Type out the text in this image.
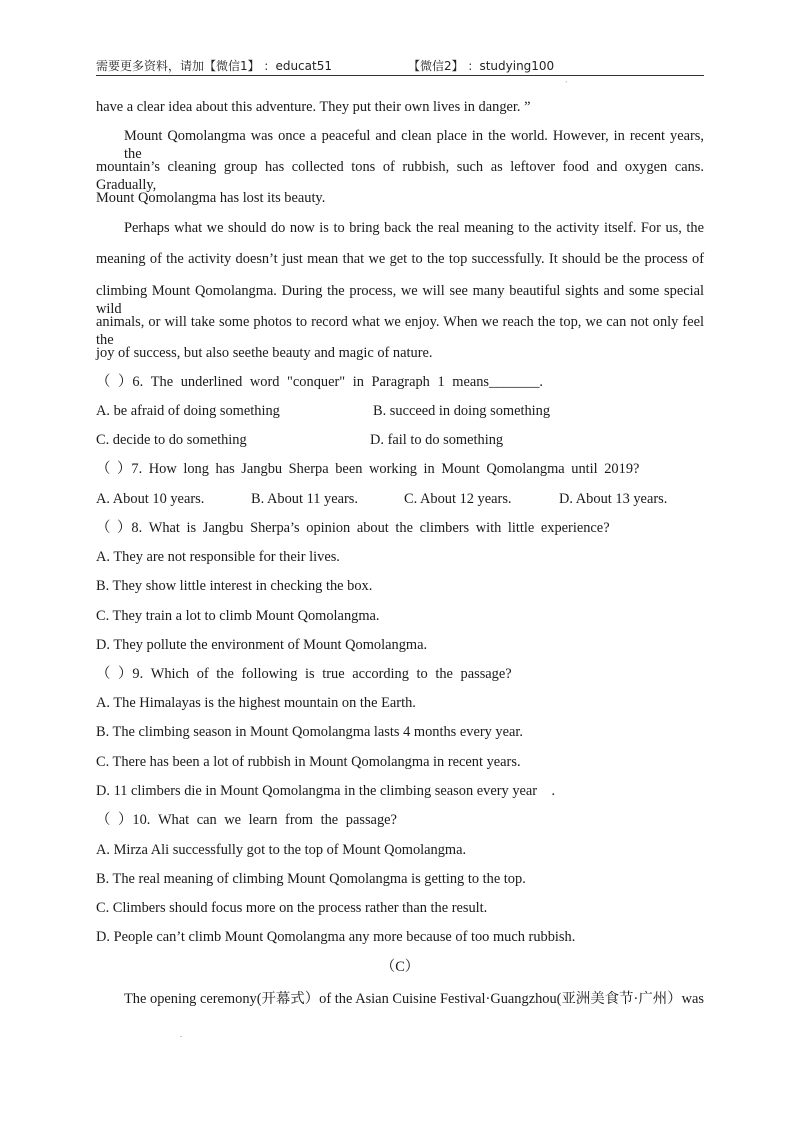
需要更多资料，请加【微信1】 ：educat51	【微信2】 ：studying100
ˋ
have a clear idea about this adventure. They put their own lives in danger. ”
Mount Qomolangma was once a peaceful and clean place in the world. However, in recent years, the
mountain’s cleaning group has collected tons of rubbish, such as leftover food and oxygen cans. Gradually,
Mount Qomolangma has lost its beauty.
Perhaps what we should do now is to bring back the real meaning to the activity itself. For us, the
meaning of the activity doesn’t just mean that we get to the top successfully. It should be the process of
climbing Mount Qomolangma. During the process, we will see many beautiful sights and some special wild
animals, or will take some photos to record what we enjoy. When we reach the top, we can not only feel the
joy of success, but also seethe beauty and magic of nature.
（ ）6. The underlined word "conquer" in Paragraph 1 means_______.
A. be afraid of doing something	B. succeed in doing something
C. decide to do something	D. fail to do something
（ ）7. How long has Jangbu Sherpa been working in Mount Qomolangma until 2019?
A. About 10 years.	B. About 11 years.	C. About 12 years.	D. About 13 years.
（ ）8. What is Jangbu Sherpa’s opinion about the climbers with little experience?
A. They are not responsible for their lives.
B. They show little interest in checking the box.
C. They train a lot to climb Mount Qomolangma.
D. They pollute the environment of Mount Qomolangma.
（ ）9. Which of the following is true according to the passage?
A. The Himalayas is the highest mountain on the Earth.
B. The climbing season in Mount Qomolangma lasts 4 months every year.
C. There has been a lot of rubbish in Mount Qomolangma in recent years.
D. 11 climbers die in Mount Qomolangma in the climbing season every year    .
（ ）10. What can we learn from the passage?
A. Mirza Ali successfully got to the top of Mount Qomolangma.
B. The real meaning of climbing Mount Qomolangma is getting to the top.
C. Climbers should focus more on the process rather than the result.
D. People can’t climb Mount Qomolangma any more because of too much rubbish.
（C）
The opening ceremony(开幕式）of the Asian Cuisine Festival·Guangzhou(亚洲美食节·广州）was
.
